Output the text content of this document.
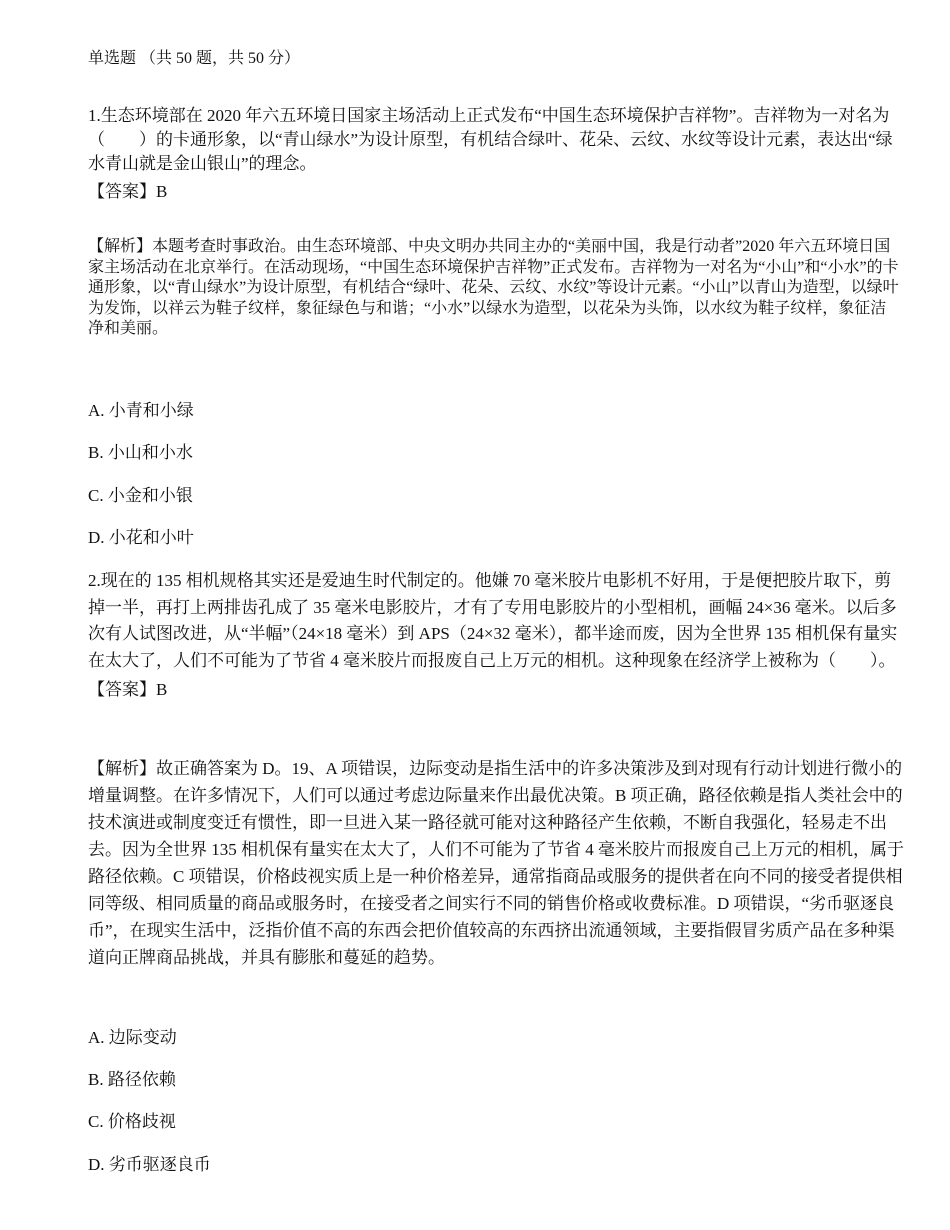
单选题 （共 50 题，共 50 分）

1.生态环境部在 2020 年六五环境日国家主场活动上正式发布“中国生态环境保护吉祥物”。吉祥物为一对名为（　　）的卡通形象，以“青山绿水”为设计原型，有机结合绿叶、花朵、云纹、水纹等设计元素，表达出“绿水青山就是金山银山”的理念。

【答案】B

【解析】本题考查时事政治。由生态环境部、中央文明办共同主办的“美丽中国，我是行动者”2020 年六五环境日国家主场活动在北京举行。在活动现场，“中国生态环境保护吉祥物”正式发布。吉祥物为一对名为“小山”和“小水”的卡通形象，以“青山绿水”为设计原型，有机结合“绿叶、花朵、云纹、水纹”等设计元素。“小山”以青山为造型，以绿叶为发饰，以祥云为鞋子纹样，象征绿色与和谐；“小水”以绿水为造型，以花朵为头饰，以水纹为鞋子纹样，象征洁净和美丽。

A. 小青和小绿
B. 小山和小水
C. 小金和小银
D. 小花和小叶

2.现在的 135 相机规格其实还是爱迪生时代制定的。他嫌 70 毫米胶片电影机不好用，于是便把胶片取下，剪掉一半，再打上两排齿孔成了 35 毫米电影胶片，才有了专用电影胶片的小型相机，画幅 24×36 毫米。以后多次有人试图改进，从“半幅”（24×18 毫米）到 APS（24×32 毫米），都半途而废，因为全世界 135 相机保有量实在太大了，人们不可能为了节省 4 毫米胶片而报废自己上万元的相机。这种现象在经济学上被称为（　　）。

【答案】B

【解析】故正确答案为 D。19、A 项错误，边际变动是指生活中的许多决策涉及到对现有行动计划进行微小的增量调整。在许多情况下，人们可以通过考虑边际量来作出最优决策。B 项正确，路径依赖是指人类社会中的技术演进或制度变迁有惯性，即一旦进入某一路径就可能对这种路径产生依赖，不断自我强化，轻易走不出去。因为全世界 135 相机保有量实在太大了，人们不可能为了节省 4 毫米胶片而报废自己上万元的相机，属于路径依赖。C 项错误，价格歧视实质上是一种价格差异，通常指商品或服务的提供者在向不同的接受者提供相同等级、相同质量的商品或服务时，在接受者之间实行不同的销售价格或收费标准。D 项错误，“劣币驱逐良币”，在现实生活中，泛指价值不高的东西会把价值较高的东西挤出流通领域，主要指假冒劣质产品在多种渠道向正牌商品挑战，并具有膨胀和蔓延的趋势。

A. 边际变动
B. 路径依赖
C. 价格歧视
D. 劣币驱逐良币
